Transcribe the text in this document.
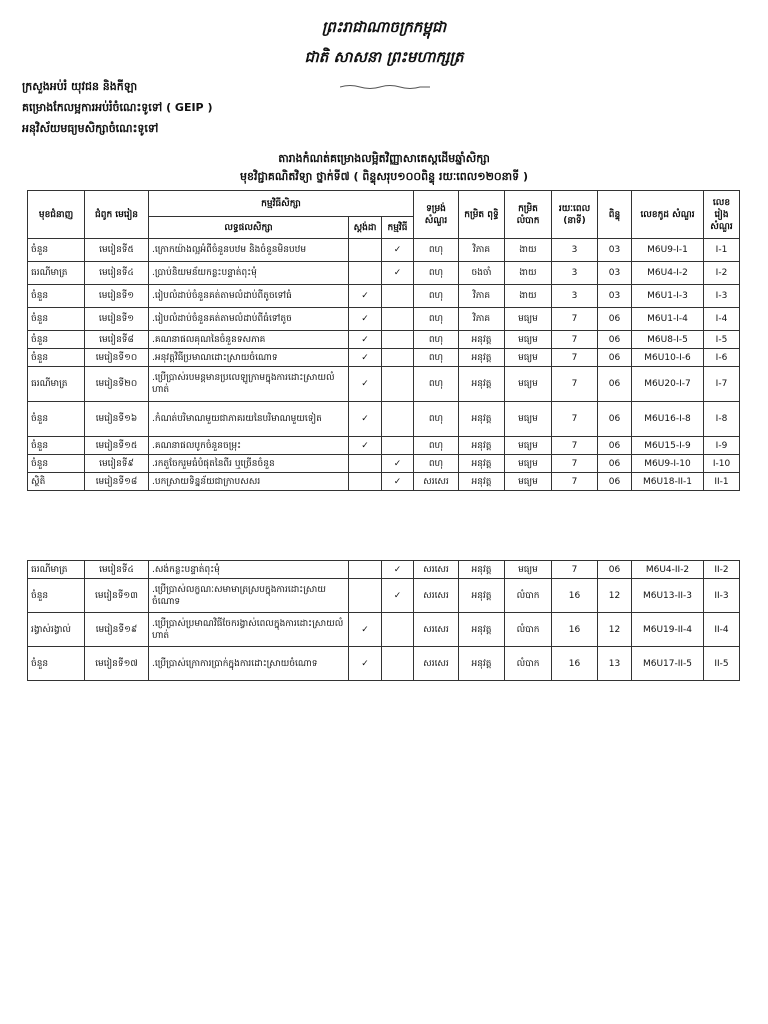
ព្រះរាជាណាចក្រកម្ពុជា
ជាតិ សាសនា ព្រះមហាក្សត្រ
ក្រសួងអប់រំ យុវជន និងកីឡា
គម្រោងកែលម្អការអប់រំចំណេះទូទៅ ( GEIP )
អនុវិស័យមធ្យមសិក្សាចំណេះទូទៅ
តារាងកំណត់គម្រោងលម្អិតវិញ្ញាសាតេស្តដើមឆ្នាំសិក្សា
មុខវិជ្ជាគណិតវិទ្យា ថ្នាក់ទី៧ ( ពិន្ទុសរុប១០០ពិន្ទុ រយៈពេល១២០នាទី )
មុខជំនាញ	ជំពូក មេរៀន	កម្មវិធីសិក្សា			ទម្រង់ សំណួរ	កម្រិត ពុទ្ធិ	កម្រិត លំបាក	រយៈពេល (នាទី)	ពិន្ទុ	លេខកូដ សំណួរ	លេខរៀង សំណួរ
		លទ្ធផលសិក្សា	ស្តង់ដា	កម្មវិធី							
ចំនួន	មេរៀនទី៥	.ក្រោកយ៉ាងល្អអំពីចំនួនបឋម និងចំនួនមិនបឋម		✓	ពហុ	វិភាគ	ងាយ	3	03	M6U9-I-1	I-1
ធរណីមាត្រ	មេរៀនទី៤	.ប្រាប់និយមន័យកន្លះបន្ទាត់ពុះមុំ		✓	ពហុ	ចងចាំ	ងាយ	3	03	M6U4-I-2	I-2
ចំនួន	មេរៀនទី១	.រៀបលំដាប់ចំនួនគត់តាមលំដាប់ពីតូចទៅធំ	✓		ពហុ	វិភាគ	ងាយ	3	03	M6U1-I-3	I-3
ចំនួន	មេរៀនទី១	.រៀបលំដាប់ចំនួនគត់តាមលំដាប់ពីធំទៅតូច	✓		ពហុ	វិភាគ	មធ្យម	7	06	M6U1-I-4	I-4
ចំនួន	មេរៀនទី៨	.គណនាផលគុណនៃចំនួនទសភាគ	✓		ពហុ	អនុវត្ត	មធ្យម	7	06	M6U8-I-5	I-5
ចំនួន	មេរៀនទី១០	.អនុវត្តវិធីប្រមាណដោះស្រាយចំណោទ	✓		ពហុ	អនុវត្ត	មធ្យម	7	06	M6U10-I-6	I-6
ធរណីមាត្រ	មេរៀនទី២០	.ប្រើប្រាស់របមន្តមានប្រលេឡូក្រាមក្នុងការដោះស្រាយលំហាត់	✓		ពហុ	អនុវត្ត	មធ្យម	7	06	M6U20-I-7	I-7
ចំនួន	មេរៀនទី១៦	.កំណត់បរិមាណមួយជាភាគរយនៃបរិមាណមួយទៀត	✓		ពហុ	អនុវត្ត	មធ្យម	7	06	M6U16-I-8	I-8
ចំនួន	មេរៀនទី១៥	.គណនាផលបូកចំនួនចម្រុះ	✓		ពហុ	អនុវត្ត	មធ្យម	7	06	M6U15-I-9	I-9
ចំនួន	មេរៀនទី៩	.រកតួចែករួមធំបំផុតនៃពីរ ឬច្រើនចំនួន		✓	ពហុ	អនុវត្ត	មធ្យម	7	06	M6U9-I-10	I-10
ស្ថិតិ	មេរៀនទី១៨	.បកស្រាយទិន្នន័យជាក្រាបសសរ		✓	សរសេរ	អនុវត្ត	មធ្យម	7	06	M6U18-II-1	II-1
ធរណីមាត្រ	មេរៀនទី៤	.សង់កន្លះបន្ទាត់ពុះមុំ		✓	សរសេរ	អនុវត្ត	មធ្យម	7	06	M6U4-II-2	II-2
ចំនួន	មេរៀនទី១៣	.ប្រើប្រាស់លក្ខណៈសមាមាត្រស្របក្នុងការដោះស្រាយចំណោទ		✓	សរសេរ	អនុវត្ត	លំបាក	16	12	M6U13-II-3	II-3
រង្វាស់រង្វាល់	មេរៀនទី១៩	.ប្រើប្រាស់ប្រមាណវិធីចែករង្វាស់ពេលក្នុងការដោះស្រាយលំហាត់	✓		សរសេរ	អនុវត្ត	លំបាក	16	12	M6U19-II-4	II-4
ចំនួន	មេរៀនទី១៧	.ប្រើប្រាស់ក្រោការប្រាក់ក្នុងការដោះស្រាយចំណោទ	✓		សរសេរ	អនុវត្ត	លំបាក	16	13	M6U17-II-5	II-5
